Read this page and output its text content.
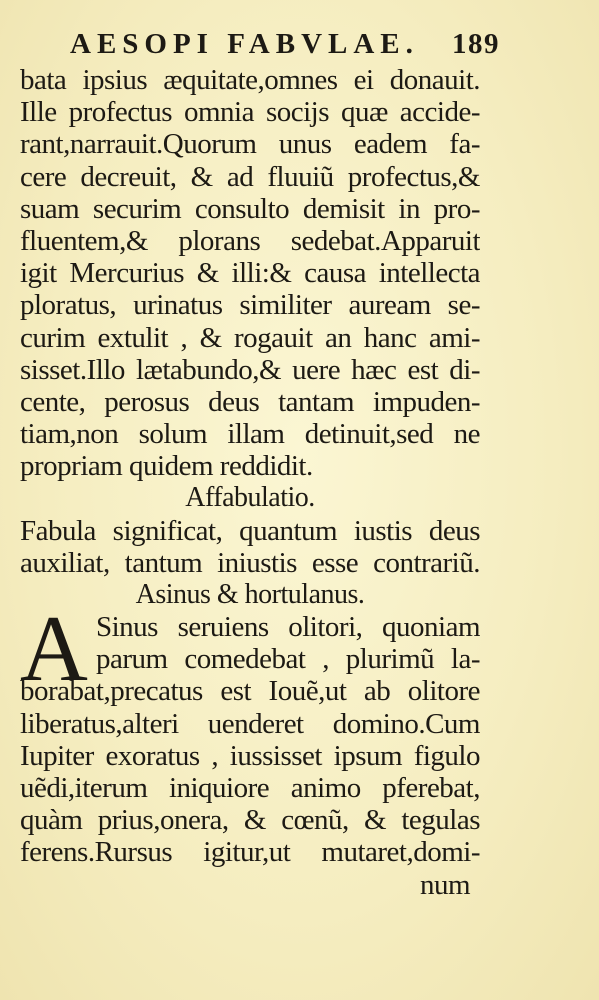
AESOPI FABVLAE. 189
bata ipsius æquitate,omnes ei donauit.
Ille profectus omnia socijs quæ accide-
rant,narrauit.Quorum unus eadem fa-
cere decreuit, & ad fluuiũ profectus,&
suam securim consulto demisit in pro-
fluentem,& plorans sedebat.Apparuit
igit Mercurius & illi:& causa intellecta
ploratus, urinatus similiter auream se-
curim extulit , & rogauit an hanc ami-
sisset.Illo lætabundo,& uere hæc est di-
cente, perosus deus tantam impuden-
tiam,non solum illam detinuit,sed ne
propriam quidem reddidit.
Affabulatio.
Fabula significat, quantum iustis deus
auxiliat, tantum iniustis esse contrariũ.
Asinus & hortulanus.
A Sinus seruiens olitori, quoniam
parum comedebat , plurimũ la-
borabat,precatus est Iouẽ,ut ab olitore
liberatus,alteri uenderet domino.Cum
Iupiter exoratus , iussisset ipsum figulo
uẽdi,iterum iniquiore animo pferebat,
quàm prius,onera, & cœnũ, & tegulas
ferens.Rursus igitur,ut mutaret,domi-
num
